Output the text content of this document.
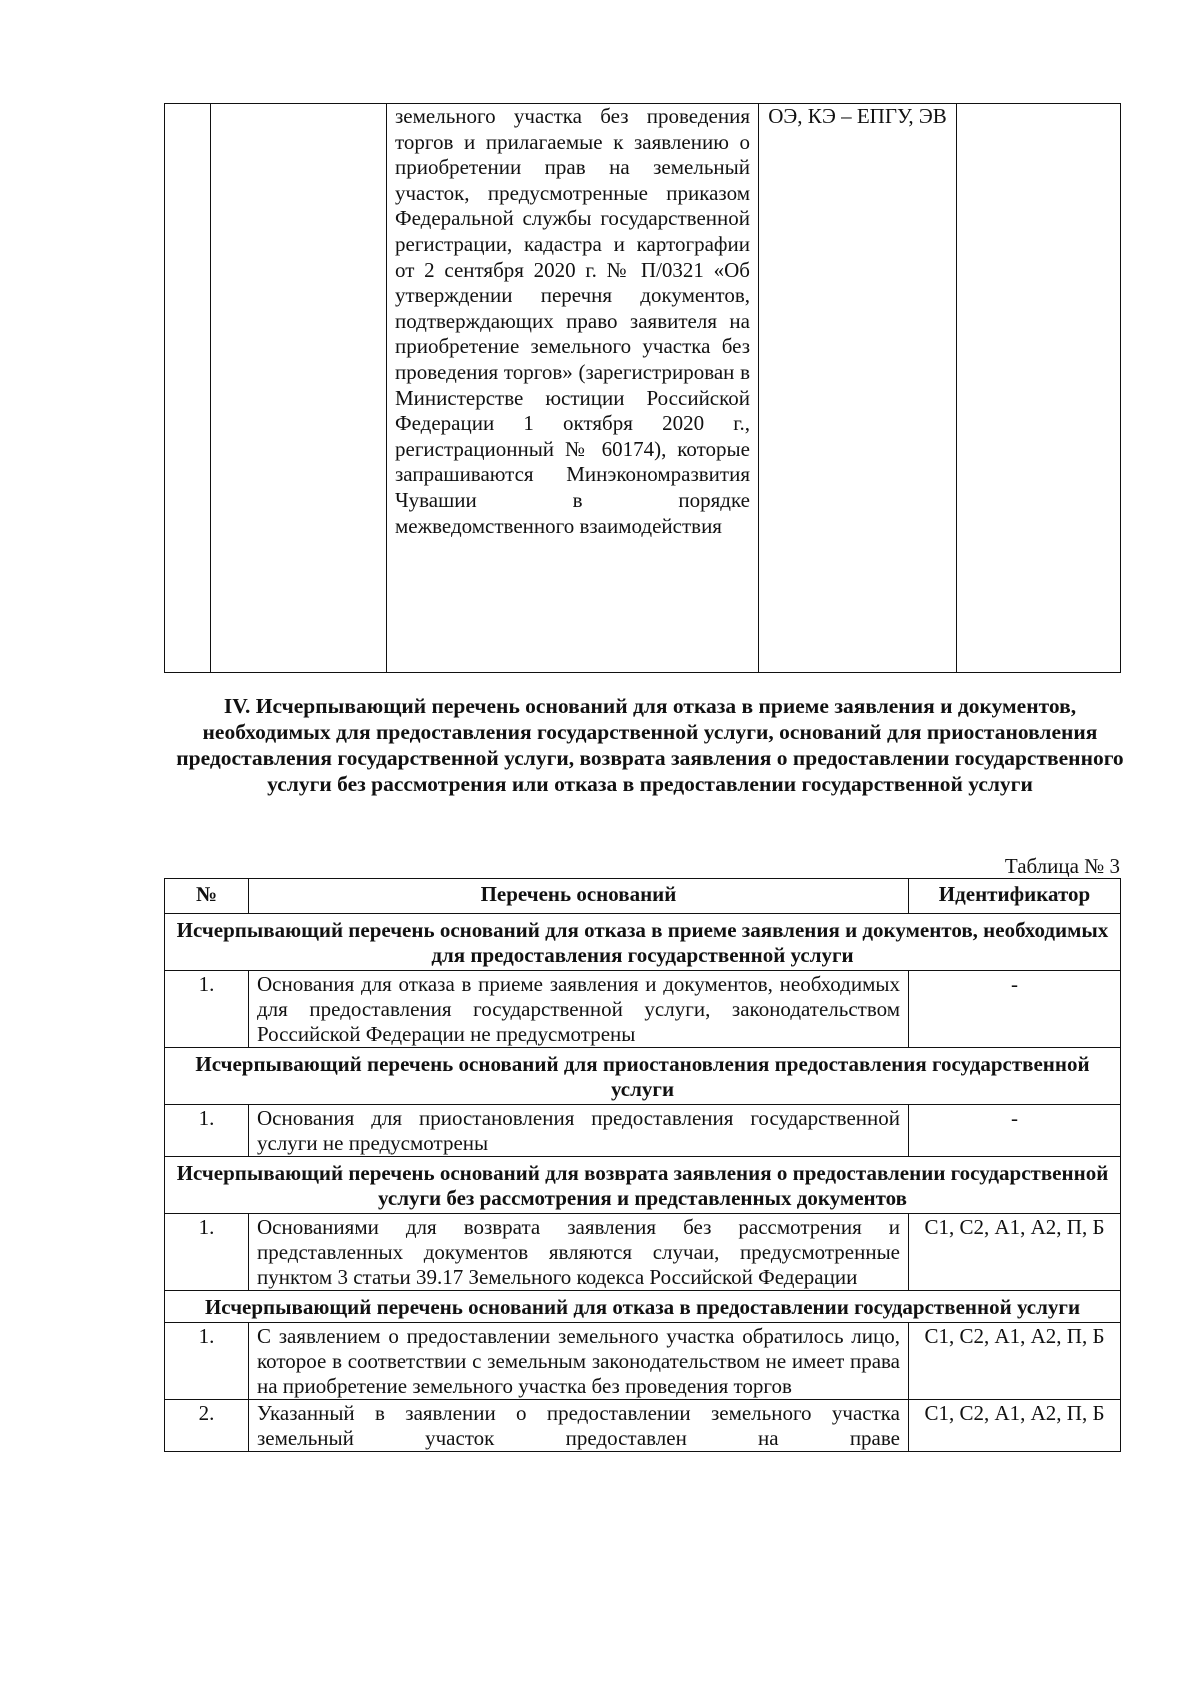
		земельного участка без проведения торгов и прилагаемые к заявлению о приобретении прав на земельный участок, предусмотренные приказом Федеральной службы государственной регистрации, кадастра и картографии от 2 сентября 2020 г. № П/0321 «Об утверждении перечня документов, подтверждающих право заявителя на приобретение земельного участка без проведения торгов» (зарегистрирован в Министерстве юстиции Российской Федерации 1 октября 2020 г., регистрационный № 60174), которые запрашиваются Минэкономразвития Чувашии в порядке межведомственного взаимодействия	ОЭ, КЭ – ЕПГУ, ЭВ	
IV. Исчерпывающий перечень оснований для отказа в приеме заявления и документов, необходимых для предоставления государственной услуги, оснований для приостановления предоставления государственной услуги, возврата заявления о предоставлении государственного услуги без рассмотрения или отказа в предоставлении государственной услуги
Таблица № 3
№	Перечень оснований	Идентификатор
Исчерпывающий перечень оснований для отказа в приеме заявления и документов, необходимых для предоставления государственной услуги		
1.	Основания для отказа в приеме заявления и документов, необходимых для предоставления государственной услуги, законодательством Российской Федерации не предусмотрены	-
Исчерпывающий перечень оснований для приостановления предоставления государственной услуги		
1.	Основания для приостановления предоставления государственной услуги не предусмотрены	-
Исчерпывающий перечень оснований для возврата заявления о предоставлении государственной услуги без рассмотрения и представленных документов		
1.	Основаниями для возврата заявления без рассмотрения и представленных документов являются случаи, предусмотренные пунктом 3 статьи 39.17 Земельного кодекса Российской Федерации	С1, С2, А1, А2, П, Б
Исчерпывающий перечень оснований для отказа в предоставлении государственной услуги		
1.	С заявлением о предоставлении земельного участка обратилось лицо, которое в соответствии с земельным законодательством не имеет права на приобретение земельного участка без проведения торгов	С1, С2, А1, А2, П, Б
2.	Указанный в заявлении о предоставлении земельного участка земельный участок предоставлен на праве	С1, С2, А1, А2, П, Б
